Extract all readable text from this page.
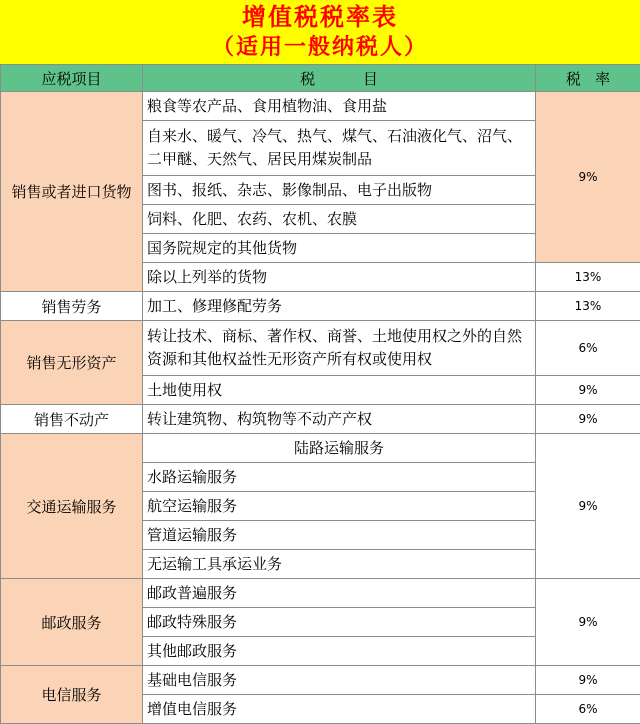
增值税税率表
（适用一般纳税人）
应税项目	税          目	税   率
销售或者进口货物	粮食等农产品、食用植物油、食用盐	9%
	自来水、暖气、冷气、热气、煤气、石油液化气、沼气、二甲醚、天然气、居民用煤炭制品	
	图书、报纸、杂志、影像制品、电子出版物	
	饲料、化肥、农药、农机、农膜	
	国务院规定的其他货物	
	除以上列举的货物	13%
销售劳务	加工、修理修配劳务	13%
销售无形资产	转让技术、商标、著作权、商誉、土地使用权之外的自然资源和其他权益性无形资产所有权或使用权	6%
	土地使用权	9%
销售不动产	转让建筑物、构筑物等不动产产权	9%
交通运输服务	陆路运输服务	9%
	水路运输服务	
	航空运输服务	
	管道运输服务	
	无运输工具承运业务	
邮政服务	邮政普遍服务	9%
	邮政特殊服务	
	其他邮政服务	
电信服务	基础电信服务	9%
	增值电信服务	6%
